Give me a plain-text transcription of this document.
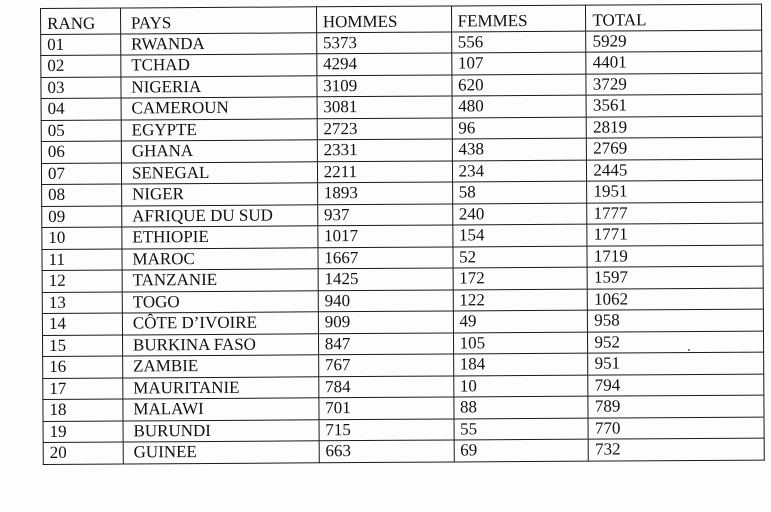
RANG	PAYS	HOMMES	FEMMES	TOTAL
01	RWANDA	5373	556	5929
02	TCHAD	4294	107	4401
03	NIGERIA	3109	620	3729
04	CAMEROUN	3081	480	3561
05	EGYPTE	2723	96	2819
06	GHANA	2331	438	2769
07	SENEGAL	2211	234	2445
08	NIGER	1893	58	1951
09	AFRIQUE DU SUD	937	240	1777
10	ETHIOPIE	1017	154	1771
11	MAROC	1667	52	1719
12	TANZANIE	1425	172	1597
13	TOGO	940	122	1062
14	CÔTE D’IVOIRE	909	49	958
15	BURKINA FASO	847	105	952
16	ZAMBIE	767	184	951
17	MAURITANIE	784	10	794
18	MALAWI	701	88	789
19	BURUNDI	715	55	770
20	GUINEE	663	69	732
